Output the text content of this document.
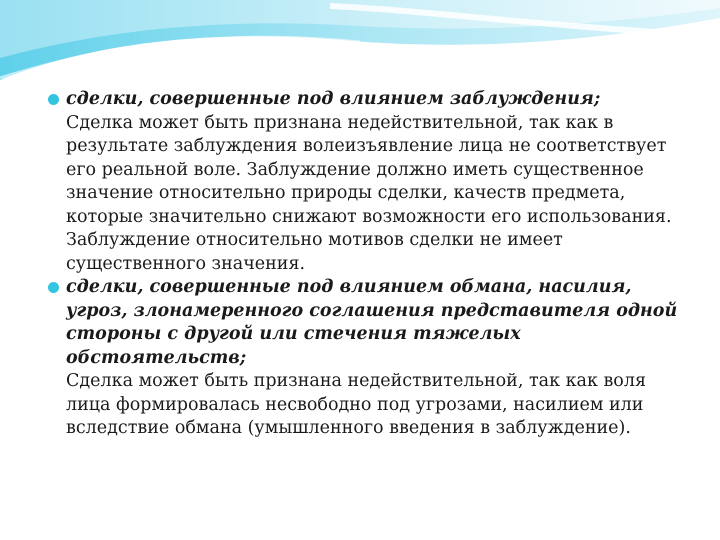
сделки, совершенные под влиянием заблуждения;
Сделка может быть признана недействительной, так как в результате заблуждения волеизъявление лица не соответствует его реальной воле. Заблуждение должно иметь существенное значение относительно природы сделки, качеств предмета, которые значительно снижают возможности его использования. Заблуждение относительно мотивов сделки не имеет существенного значения.
сделки, совершенные под влиянием обмана, насилия, угроз, злонамеренного соглашения представителя одной стороны с другой или стечения тяжелых обстоятельств;
Сделка может быть признана недействительной, так как воля лица формировалась несвободно под угрозами, насилием или вследствие обмана (умышленного введения в заблуждение).
